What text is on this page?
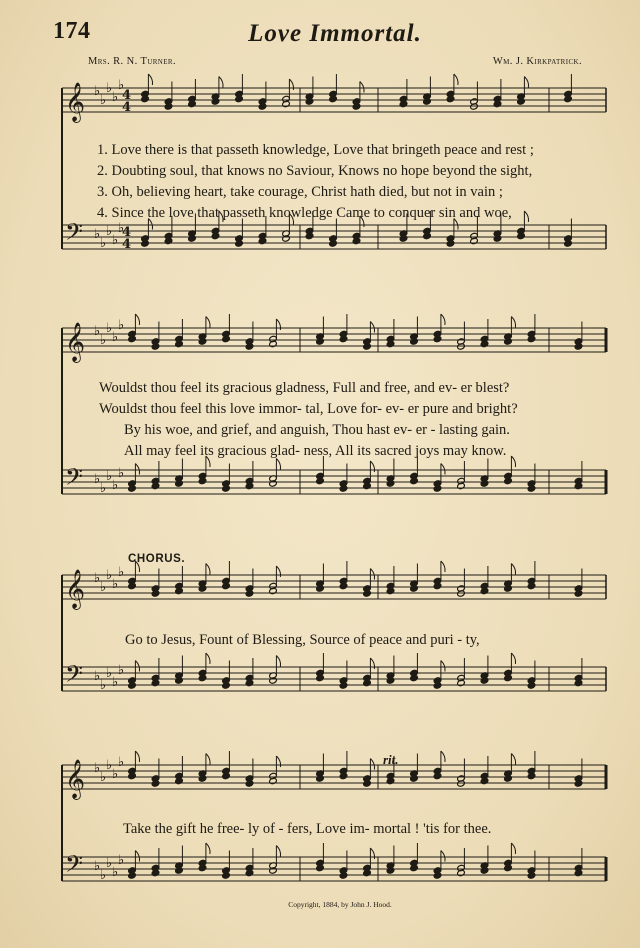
174	Love Immortal.
Mrs. R. N. Turner.	Wm. J. Kirkpatrick.
𝄞 ♭
♭
♭
♭
♭
4
4
𝄢 ♭
♭
♭
♭
♭
4
4
𝄞 ♭
♭
♭
♭
♭
𝄢 ♭
♭
♭
♭
♭
𝄞 ♭
♭
♭
♭
♭
𝄢 ♭
♭
♭
♭
♭
𝄞 ♭
♭
♭
♭
♭
𝄢 ♭
♭
♭
♭
♭
1. Love there is that passeth knowledge, Love that bringeth peace and rest ;
2. Doubting soul, that knows no Saviour, Knows no hope beyond the sight,
3. Oh, believing heart, take courage, Christ hath died, but not in vain ;
4. Since the love that passeth knowledge Came to conquer sin and woe,
Wouldst thou feel its gracious gladness, Full and free, and ev- er blest?
Wouldst thou feel this love immor- tal, Love for- ev- er pure and bright?
By his woe, and grief, and anguish, Thou hast ev- er - lasting gain.
All may feel its gracious glad- ness, All its sacred joys may know.
CHORUS.
Go to Jesus, Fount of Blessing, Source of peace and puri - ty,
rit.
Take the gift he free- ly of - fers, Love im- mortal ! 'tis for thee.
Copyright, 1884, by John J. Hood.
